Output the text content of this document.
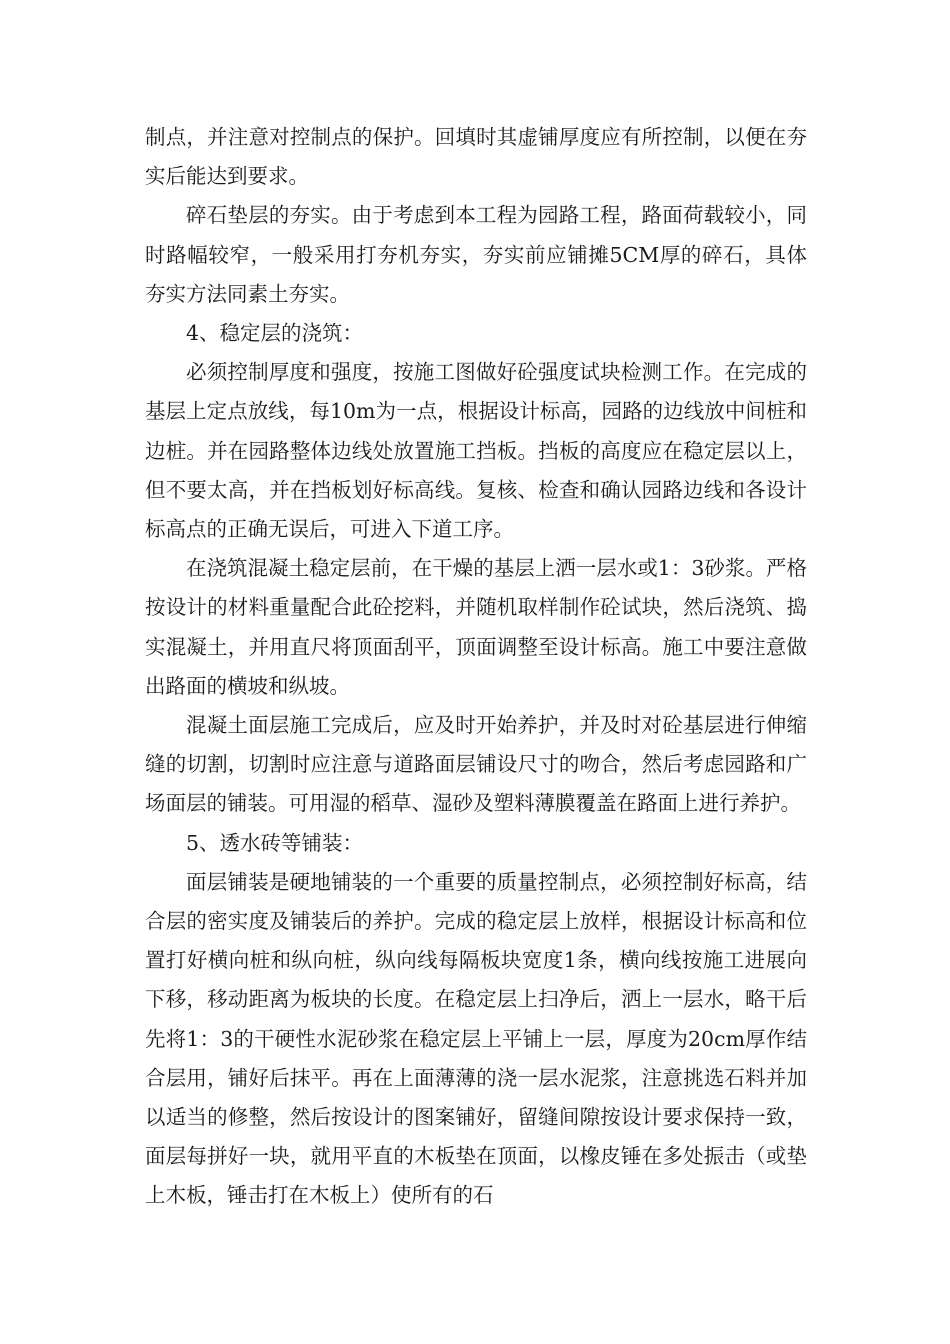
制点，并注意对控制点的保护。回填时其虚铺厚度应有所控制，以便在夯实后能达到要求。

碎石垫层的夯实。由于考虑到本工程为园路工程，路面荷载较小，同时路幅较窄，一般采用打夯机夯实，夯实前应铺摊5CM厚的碎石，具体夯实方法同素土夯实。

4、稳定层的浇筑：

必须控制厚度和强度，按施工图做好砼强度试块检测工作。在完成的基层上定点放线，每10m为一点，根据设计标高，园路的边线放中间桩和边桩。并在园路整体边线处放置施工挡板。挡板的高度应在稳定层以上，但不要太高，并在挡板划好标高线。复核、检查和确认园路边线和各设计标高点的正确无误后，可进入下道工序。

在浇筑混凝土稳定层前，在干燥的基层上洒一层水或1：3砂浆。严格按设计的材料重量配合此砼挖料，并随机取样制作砼试块，然后浇筑、捣实混凝土，并用直尺将顶面刮平，顶面调整至设计标高。施工中要注意做出路面的横坡和纵坡。

混凝土面层施工完成后，应及时开始养护，并及时对砼基层进行伸缩缝的切割，切割时应注意与道路面层铺设尺寸的吻合，然后考虑园路和广场面层的铺装。可用湿的稻草、湿砂及塑料薄膜覆盖在路面上进行养护。

5、透水砖等铺装：

面层铺装是硬地铺装的一个重要的质量控制点，必须控制好标高，结合层的密实度及铺装后的养护。完成的稳定层上放样，根据设计标高和位置打好横向桩和纵向桩，纵向线每隔板块宽度1条，横向线按施工进展向下移，移动距离为板块的长度。在稳定层上扫净后，洒上一层水，略干后先将1：3的干硬性水泥砂浆在稳定层上平铺上一层，厚度为20cm厚作结合层用，铺好后抹平。再在上面薄薄的浇一层水泥浆，注意挑选石料并加以适当的修整，然后按设计的图案铺好，留缝间隙按设计要求保持一致，面层每拼好一块，就用平直的木板垫在顶面，以橡皮锤在多处振击（或垫上木板，锤击打在木板上）使所有的石
